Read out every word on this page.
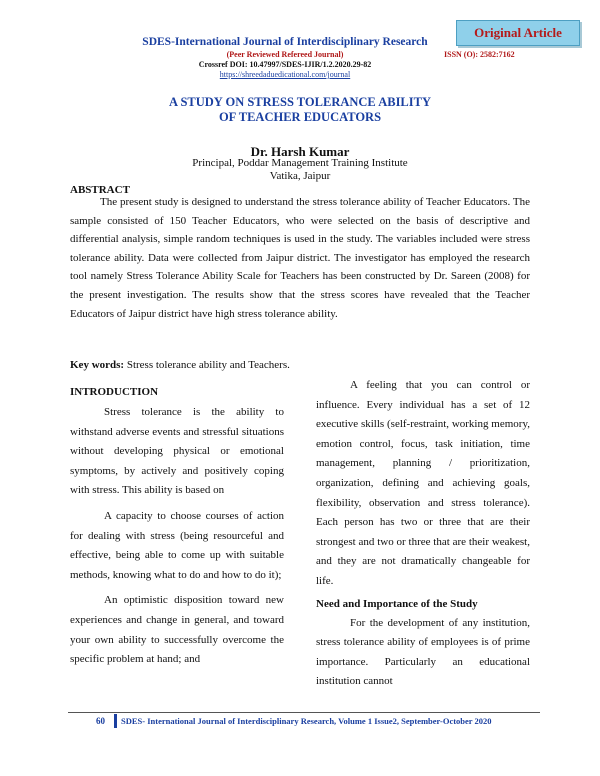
SDES-International Journal of Interdisciplinary Research
(Peer Reviewed Refereed Journal)	ISSN (O): 2582:7162
Crossref DOI: 10.47997/SDES-IJIR/1.2.2020.29-82
https://shreedaduedicational.com/journal
Original Article
A STUDY ON STRESS TOLERANCE ABILITY
OF TEACHER EDUCATORS
Dr. Harsh Kumar
Principal, Poddar Management Training Institute
Vatika, Jaipur
ABSTRACT
The present study is designed to understand the stress tolerance ability of Teacher Educators. The sample consisted of 150 Teacher Educators, who were selected on the basis of descriptive and differential analysis, simple random techniques is used in the study. The variables included were stress tolerance ability. Data were collected from Jaipur district. The investigator has employed the research tool namely Stress Tolerance Ability Scale for Teachers has been constructed by Dr. Sareen (2008) for the present investigation. The results show that the stress scores have revealed that the Teacher Educators of Jaipur district have high stress tolerance ability.
Key words: Stress tolerance ability and Teachers.
INTRODUCTION

Stress tolerance is the ability to withstand adverse events and stressful situations without developing physical or emotional symptoms, by actively and positively coping with stress. This ability is based on

A capacity to choose courses of action for dealing with stress (being resourceful and effective, being able to come up with suitable methods, knowing what to do and how to do it);

An optimistic disposition toward new experiences and change in general, and toward your own ability to successfully overcome the specific problem at hand; and

A feeling that you can control or influence. Every individual has a set of 12 executive skills (self-restraint, working memory, emotion control, focus, task initiation, time management, planning / prioritization, organization, defining and achieving goals, flexibility, observation and stress tolerance). Each person has two or three that are their strongest and two or three that are their weakest, and they are not dramatically changeable for life.

Need and Importance of the Study

For the development of any institution, stress tolerance ability of employees is of prime importance. Particularly an educational institution cannot

60 SDES- International Journal of Interdisciplinary Research, Volume 1 Issue2, September-October 2020
